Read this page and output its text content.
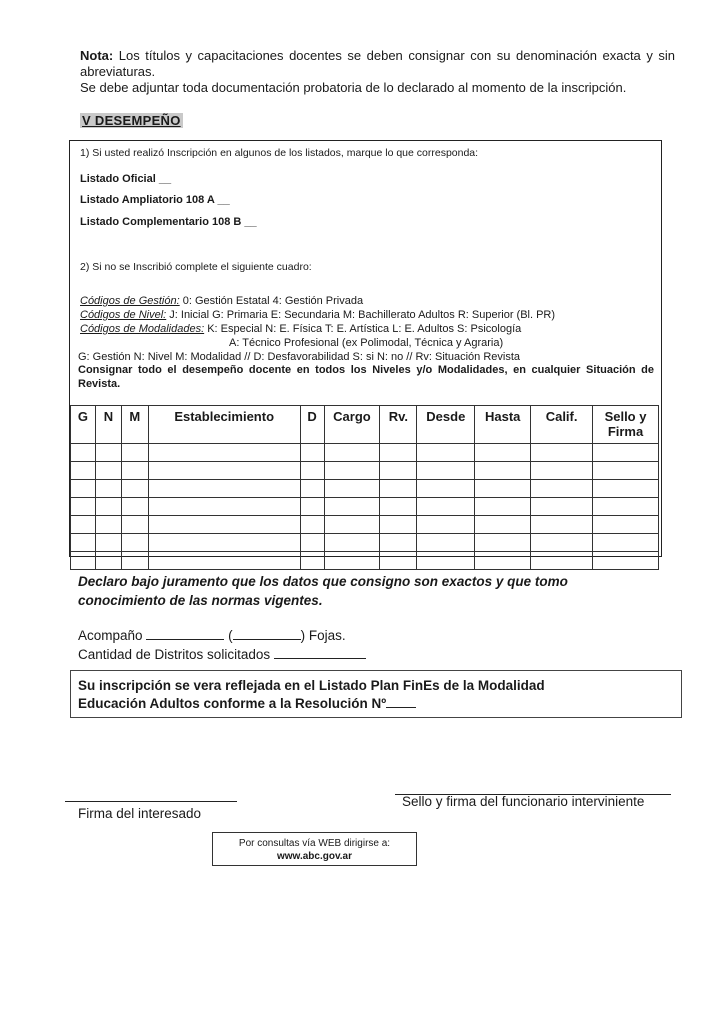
Nota: Los títulos y capacitaciones docentes se deben consignar con su denominación exacta y sin abreviaturas.
Se debe adjuntar toda documentación probatoria de lo declarado al momento de la inscripción.
V DESEMPEÑO
1) Si usted realizó Inscripción en algunos de los listados, marque lo que corresponda:
Listado Oficial __
Listado Ampliatorio 108 A __
Listado Complementario 108 B __
2) Si no se Inscribió complete el siguiente cuadro:
Códigos de Gestión: 0: Gestión Estatal 4: Gestión Privada
Códigos de Nivel: J: Inicial G: Primaria E: Secundaria M: Bachillerato Adultos R: Superior (Bl. PR)
Códigos de Modalidades: K: Especial N: E. Física T: E. Artística L: E. Adultos S: Psicología
A: Técnico Profesional (ex Polimodal, Técnica y Agraria)
G: Gestión N: Nivel M: Modalidad // D: Desfavorabilidad S: si N: no // Rv: Situación Revista
Consignar todo el desempeño docente en todos los Niveles y/o Modalidades, en cualquier Situación de Revista.
G	N	M	Establecimiento	D	Cargo	Rv.	Desde	Hasta	Calif.	Sello y Firma

Declaro bajo juramento que los datos que consigno son exactos y que tomo conocimiento de las normas vigentes.
Acompaño	(	) Fojas.
Cantidad de Distritos solicitados
Su inscripción se vera reflejada en el Listado Plan FinEs de la Modalidad
Educación Adultos conforme a la Resolución Nº
Firma del interesado
Sello y firma del funcionario interviniente
Por consultas vía WEB dirigirse a:
www.abc.gov.ar
